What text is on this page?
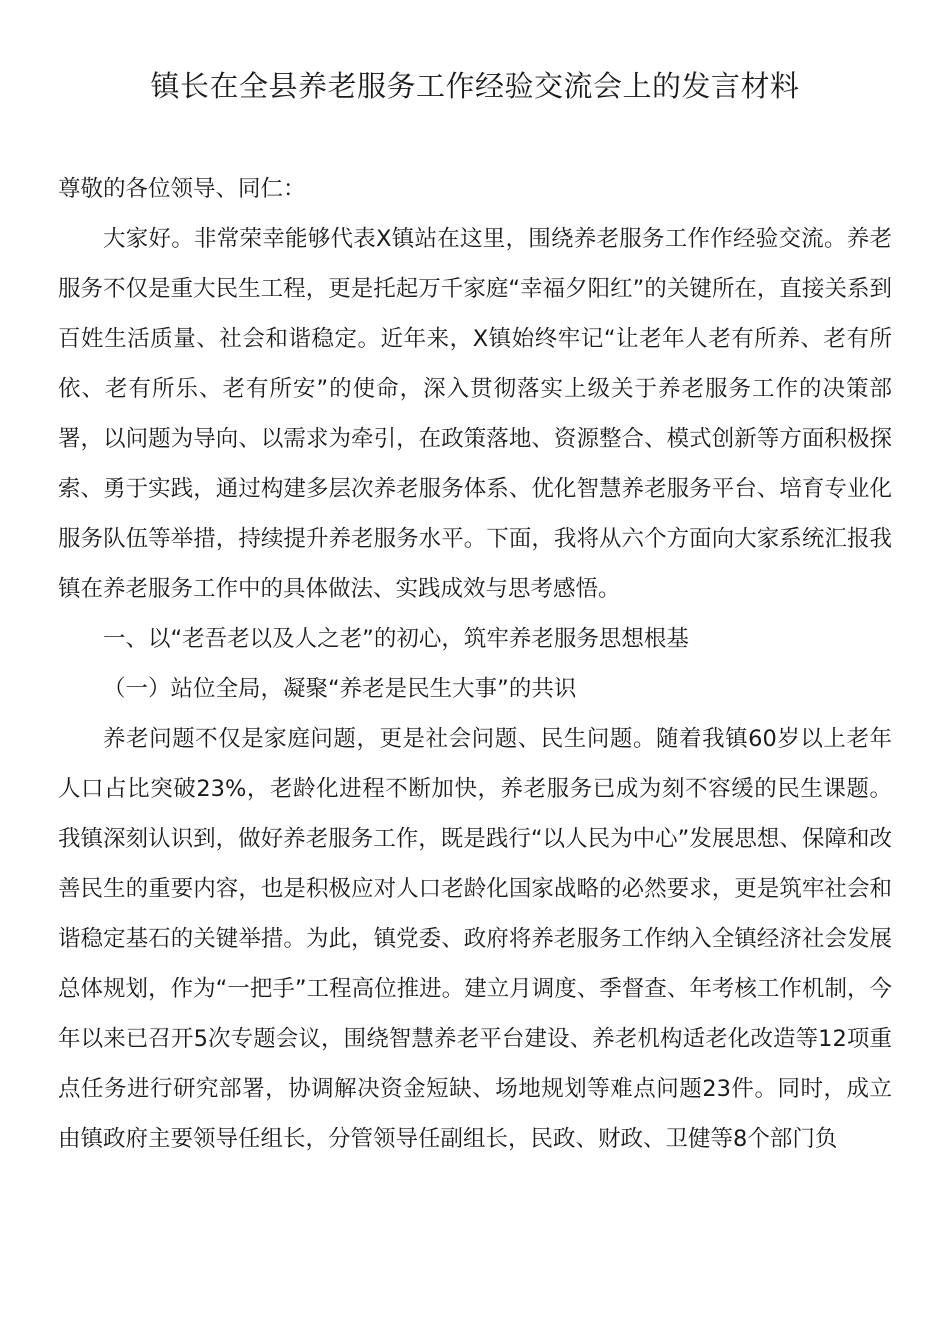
镇长在全县养老服务工作经验交流会上的发言材料

尊敬的各位领导、同仁：

大家好。非常荣幸能够代表X镇站在这里，围绕养老服务工作作经验交流。养老服务不仅是重大民生工程，更是托起万千家庭“幸福夕阳红”的关键所在，直接关系到百姓生活质量、社会和谐稳定。近年来，X镇始终牢记“让老年人老有所养、老有所依、老有所乐、老有所安”的使命，深入贯彻落实上级关于养老服务工作的决策部署，以问题为导向、以需求为牵引，在政策落地、资源整合、模式创新等方面积极探索、勇于实践，通过构建多层次养老服务体系、优化智慧养老服务平台、培育专业化服务队伍等举措，持续提升养老服务水平。下面，我将从六个方面向大家系统汇报我镇在养老服务工作中的具体做法、实践成效与思考感悟。

一、以“老吾老以及人之老”的初心，筑牢养老服务思想根基

（一）站位全局，凝聚“养老是民生大事”的共识

养老问题不仅是家庭问题，更是社会问题、民生问题。随着我镇60岁以上老年人口占比突破23%，老龄化进程不断加快，养老服务已成为刻不容缓的民生课题。我镇深刻认识到，做好养老服务工作，既是践行“以人民为中心”发展思想、保障和改善民生的重要内容，也是积极应对人口老龄化国家战略的必然要求，更是筑牢社会和谐稳定基石的关键举措。为此，镇党委、政府将养老服务工作纳入全镇经济社会发展总体规划，作为“一把手”工程高位推进。建立月调度、季督查、年考核工作机制，今年以来已召开5次专题会议，围绕智慧养老平台建设、养老机构适老化改造等12项重点任务进行研究部署，协调解决资金短缺、场地规划等难点问题23件。同时，成立由镇政府主要领导任组长，分管领导任副组长，民政、财政、卫健等8个部门负
